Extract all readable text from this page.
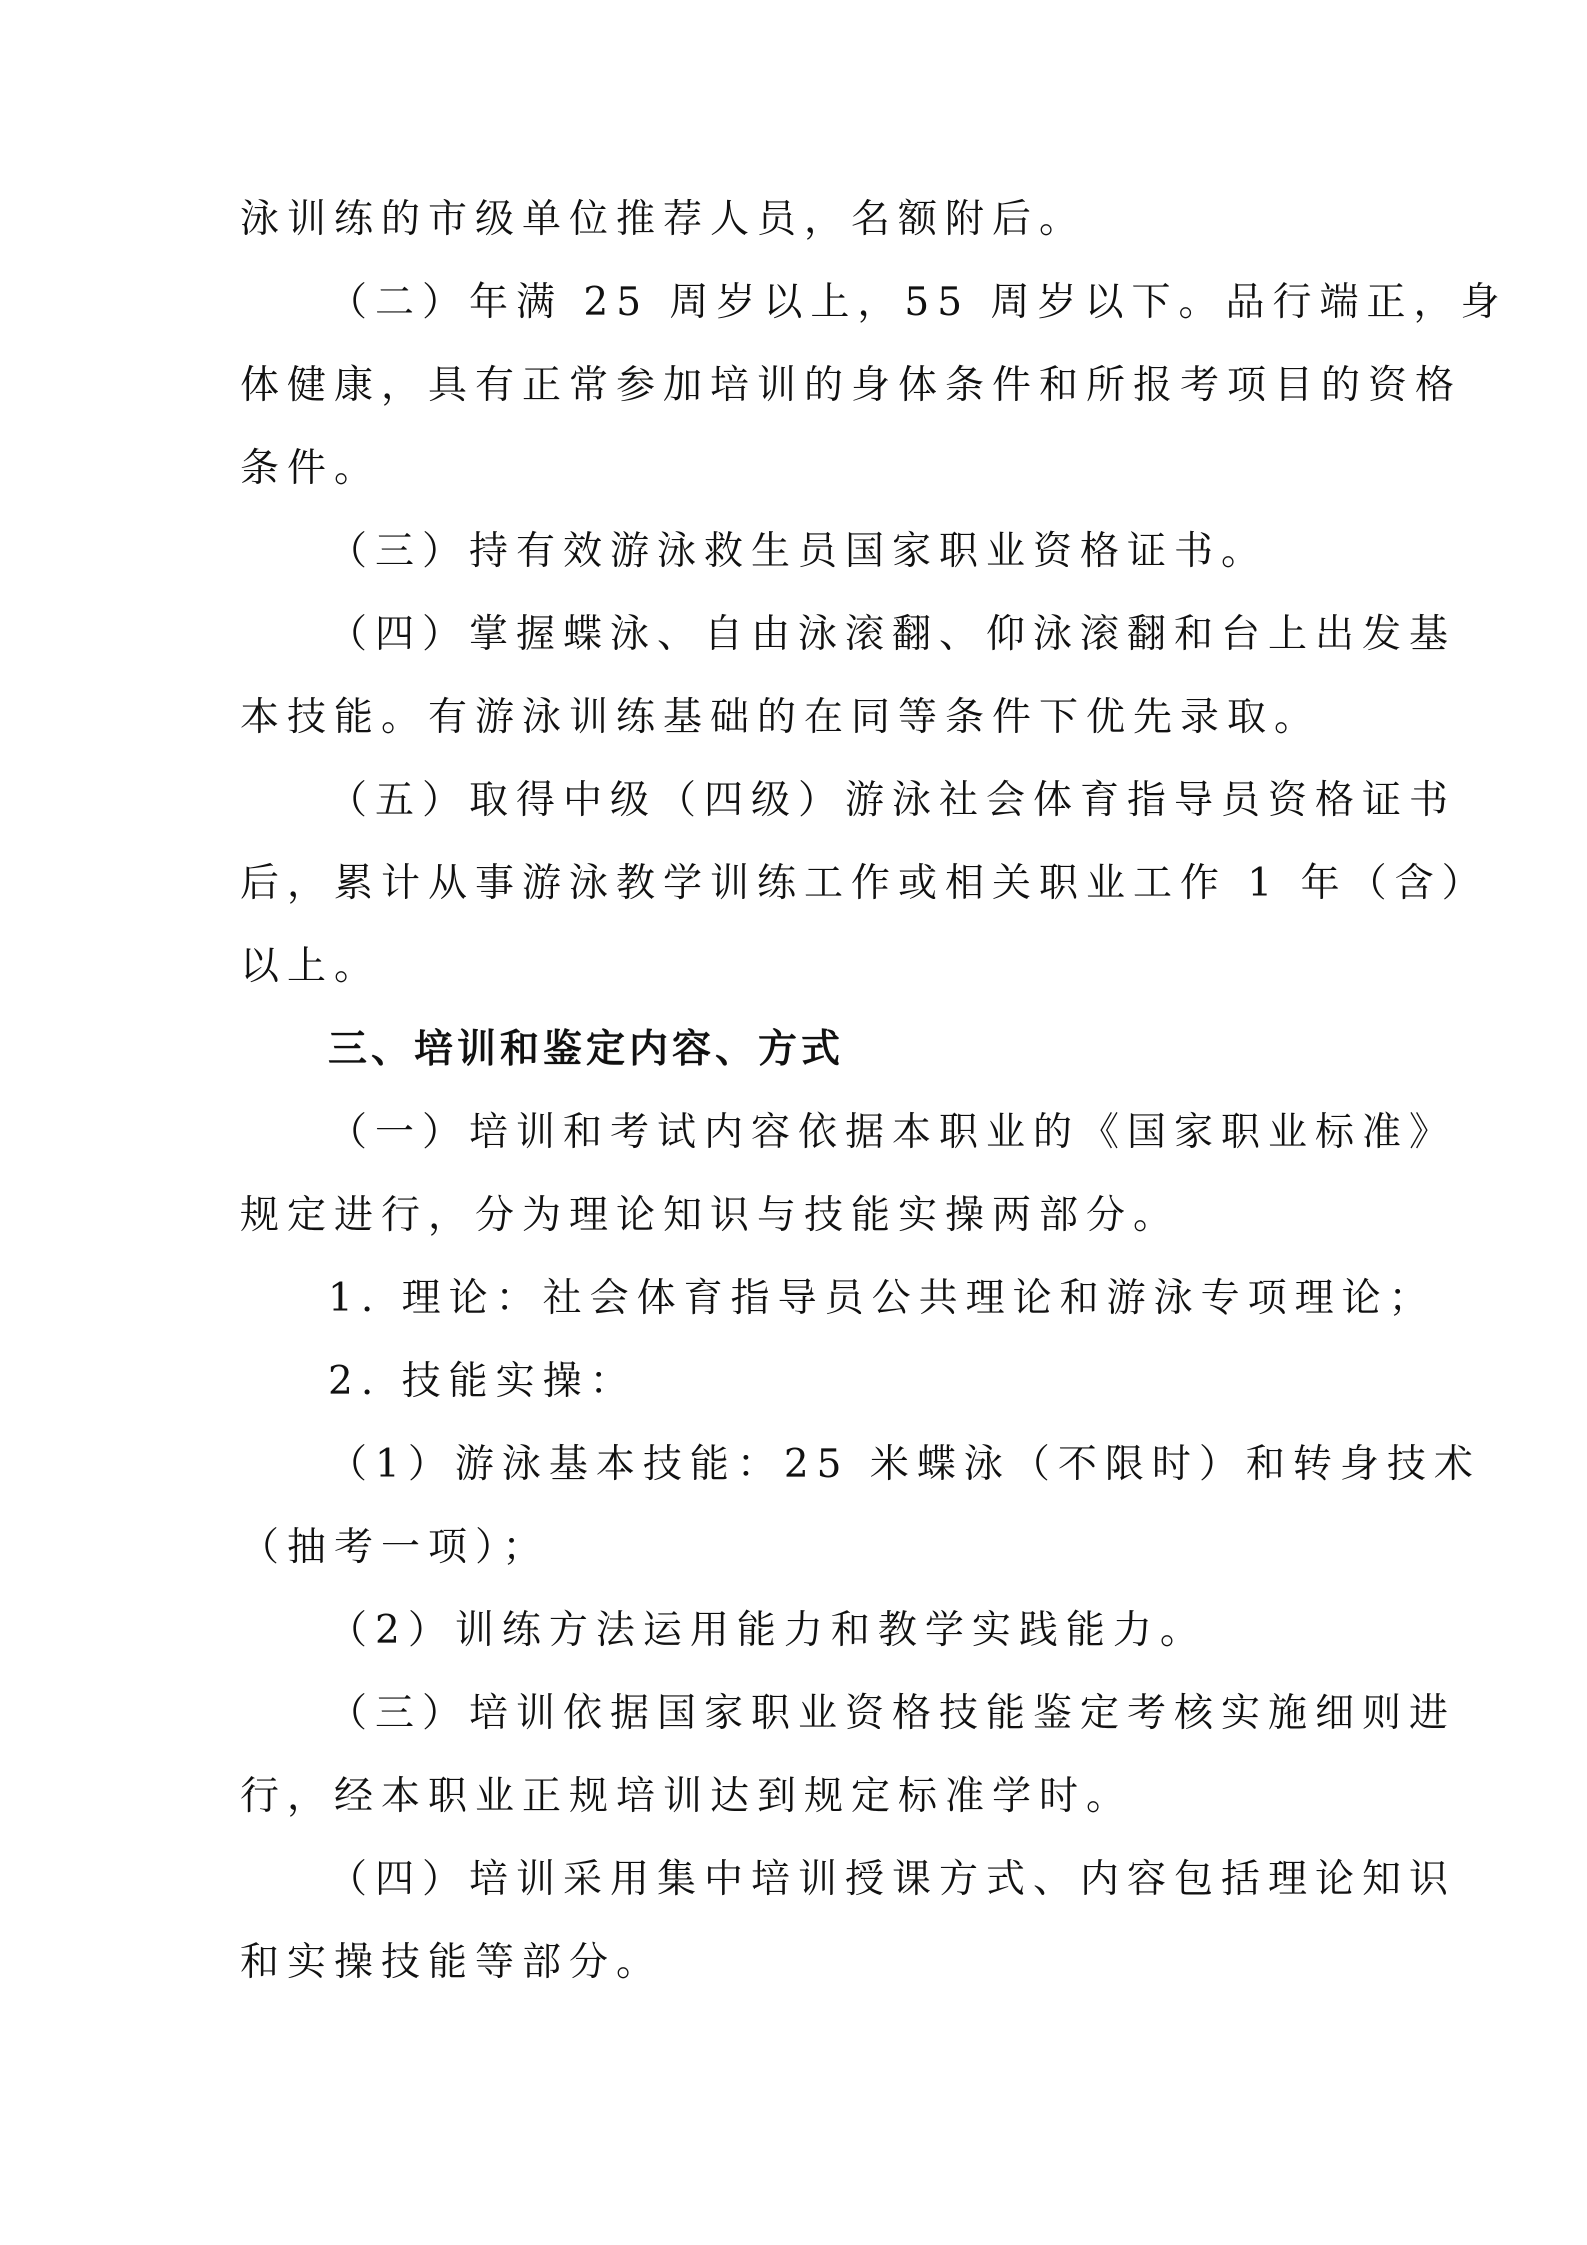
泳训练的市级单位推荐人员，名额附后。
（二）年满 25 周岁以上，55 周岁以下。品行端正，身
体健康，具有正常参加培训的身体条件和所报考项目的资格
条件。
（三）持有效游泳救生员国家职业资格证书。
（四）掌握蝶泳、自由泳滚翻、仰泳滚翻和台上出发基
本技能。有游泳训练基础的在同等条件下优先录取。
（五）取得中级（四级）游泳社会体育指导员资格证书
后，累计从事游泳教学训练工作或相关职业工作 1 年（含）
以上。
三、培训和鉴定内容、方式
（一）培训和考试内容依据本职业的《国家职业标准》
规定进行，分为理论知识与技能实操两部分。
1. 理论：社会体育指导员公共理论和游泳专项理论；
2. 技能实操：
（1）游泳基本技能：25 米蝶泳（不限时）和转身技术
（抽考一项）；
（2）训练方法运用能力和教学实践能力。
（三）培训依据国家职业资格技能鉴定考核实施细则进
行，经本职业正规培训达到规定标准学时。
（四）培训采用集中培训授课方式、内容包括理论知识
和实操技能等部分。
